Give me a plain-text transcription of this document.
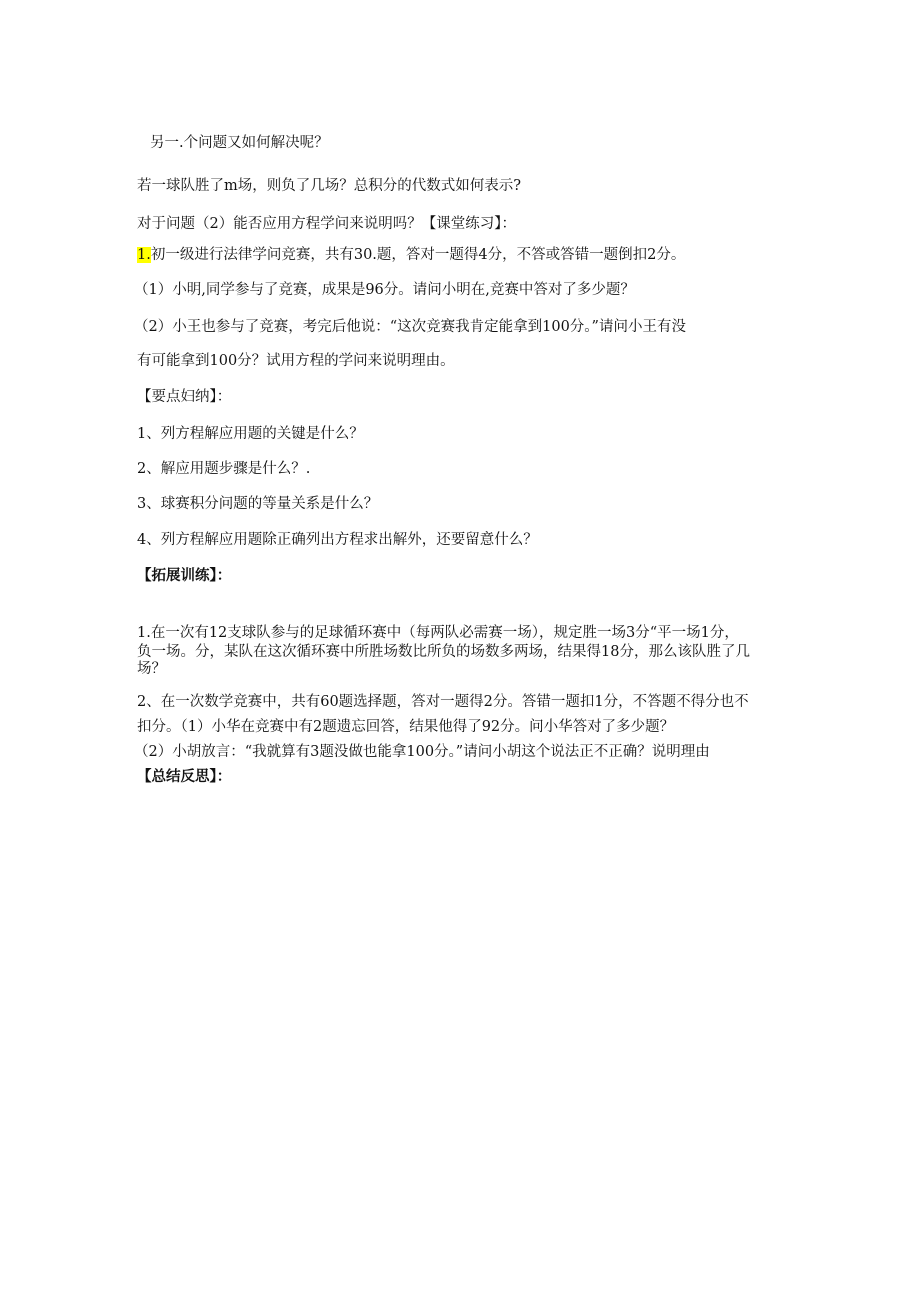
另一.个问题又如何解决呢？
若一球队胜了m场，则负了几场？总积分的代数式如何表示?
对于问题（2）能否应用方程学问来说明吗？【课堂练习】：
1.初一级进行法律学问竞赛，共有30.题，答对一题得4分，不答或答错一题倒扣2分。
（1）小明,同学参与了竞赛，成果是96分。请问小明在,竞赛中答对了多少题？
（2）小王也参与了竞赛，考完后他说：“这次竞赛我肯定能拿到100分。”请问小王有没
有可能拿到100分？试用方程的学问来说明理由。
【要点妇纳】：
1、列方程解应用题的关键是什么？
2、解应用题步骤是什么？.
3、球赛积分问题的等量关系是什么？
4、列方程解应用题除正确列出方程求出解外，还要留意什么？
【拓展训练】：
1.在一次有12支球队参与的足球循环赛中（每两队必需赛一场），规定胜一场3分“平一场1分，
负一场。分，某队在这次循环赛中所胜场数比所负的场数多两场，结果得18分，那么该队胜了几
场？
2、在一次数学竞赛中，共有60题选择题，答对一题得2分。答错一题扣1分，不答题不得分也不
扣分。（1）小华在竞赛中有2题遗忘回答，结果他得了92分。问小华答对了多少题？
（2）小胡放言：“我就算有3题没做也能拿100分。”请问小胡这个说法正不正确？说明理由
【总结反思】：
